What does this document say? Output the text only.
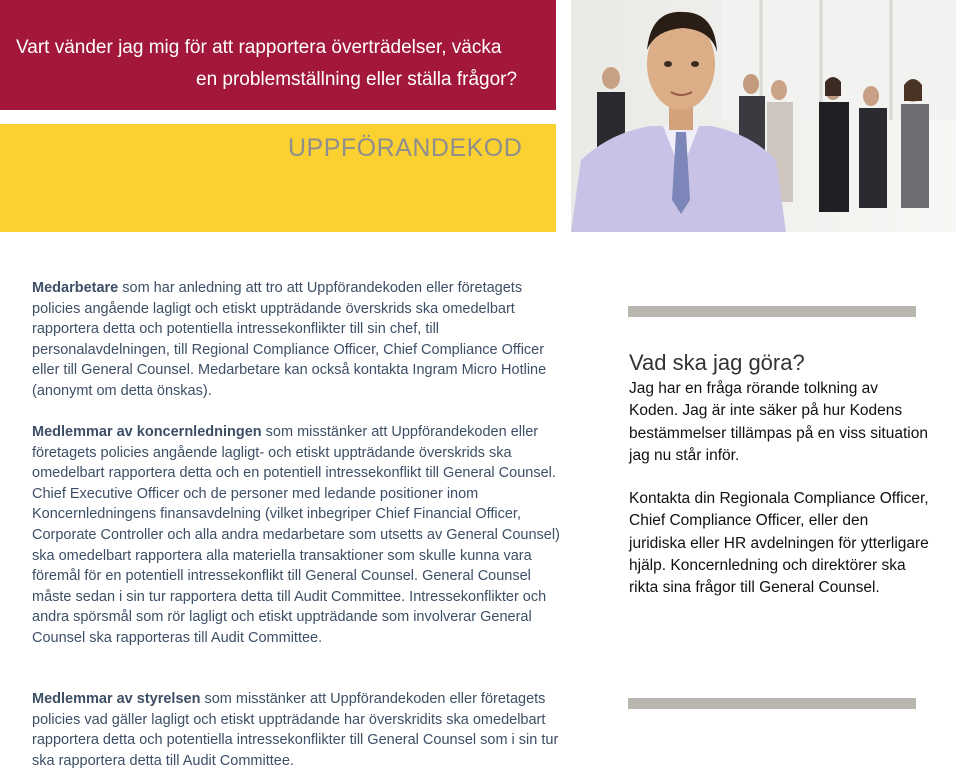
Vart vänder jag mig för att rapportera överträdelser, väcka
en problemställning eller ställa frågor?
UPPFÖRANDEKOD
Medarbetare som har anledning att tro att Uppförandekoden eller företagets policies angående lagligt och etiskt uppträdande överskrids ska omedelbart rapportera detta och potentiella intressekonflikter till sin chef, till personalavdelningen, till Regional Compliance Officer, Chief Compliance Officer eller till General Counsel. Medarbetare kan också kontakta Ingram Micro Hotline (anonymt om detta önskas).
Medlemmar av koncernledningen som misstänker att Uppförandekoden eller företagets policies angående lagligt- och etiskt uppträdande överskrids ska omedelbart rapportera detta och en potentiell intressekonflikt till General Counsel. Chief Executive Officer och de personer med ledande positioner inom Koncernledningens finansavdelning (vilket inbegriper Chief Financial Officer, Corporate Controller och alla andra medarbetare som utsetts av General Counsel) ska omedelbart rapportera alla materiella transaktioner som skulle kunna vara föremål för en potentiell intressekonflikt till General Counsel. General Counsel måste sedan i sin tur rapportera detta till Audit Committee. Intressekonflikter och andra spörsmål som rör lagligt och etiskt uppträdande som involverar General Counsel ska rapporteras till Audit Committee.
Medlemmar av styrelsen som misstänker att Uppförandekoden eller företagets policies vad gäller lagligt och etiskt uppträdande har överskridits ska omedelbart rapportera detta och potentiella intressekonflikter till General Counsel som i sin tur ska rapportera detta till Audit Committee.
Vad ska jag göra?
Jag har en fråga rörande tolkning av Koden. Jag är inte säker på hur Kodens bestämmelser tillämpas på en viss situation jag nu står inför.
Kontakta din Regionala Compliance Officer, Chief Compliance Officer, eller den juridiska eller HR avdelningen för ytterligare hjälp. Koncernledning och direktörer ska rikta sina frågor till General Counsel.
